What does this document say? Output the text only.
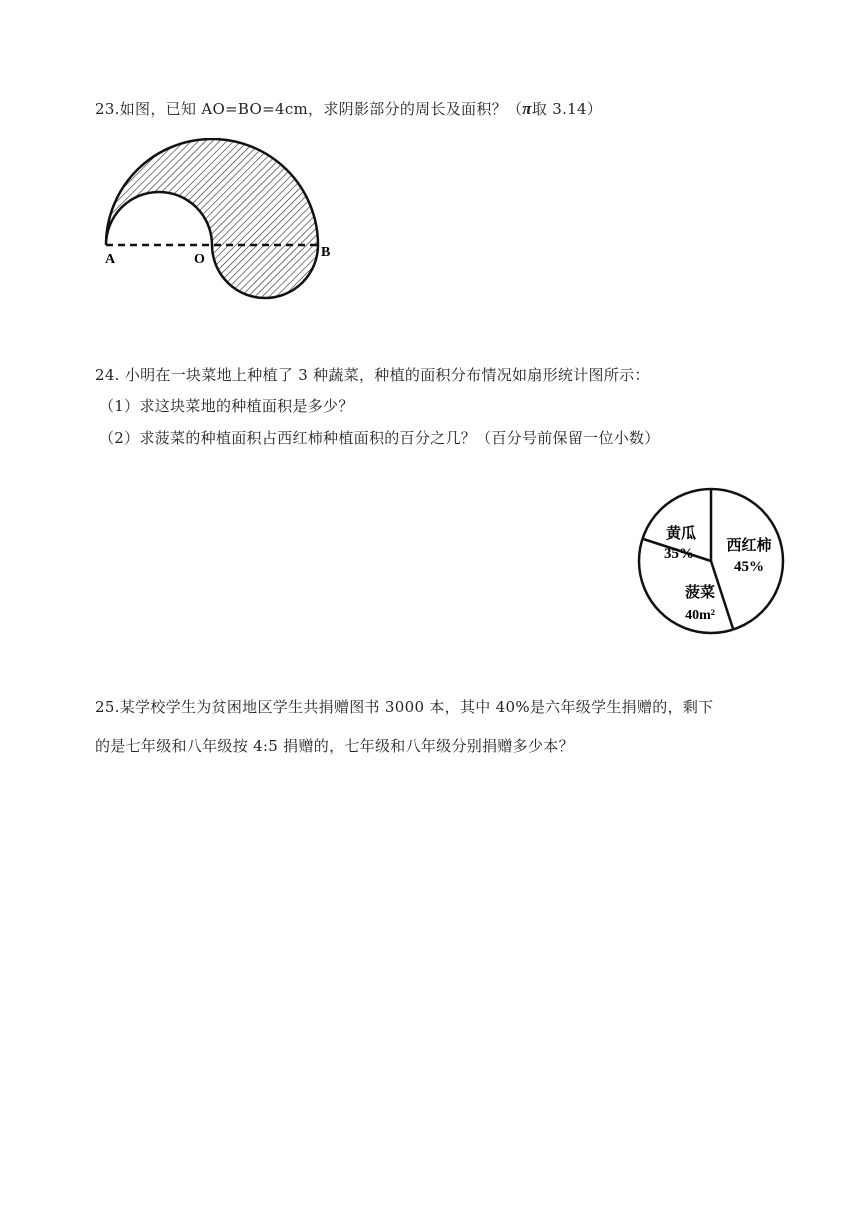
23.如图，已知 AO=BO=4cm，求阴影部分的周长及面积？（π取 3.14）
A	O	B
24. 小明在一块菜地上种植了 3 种蔬菜，种植的面积分布情况如扇形统计图所示：
（1）求这块菜地的种植面积是多少？
（2）求菠菜的种植面积占西红柿种植面积的百分之几？（百分号前保留一位小数）
黄瓜
35% 西红柿
45%
菠菜
40m²
25.某学校学生为贫困地区学生共捐赠图书 3000 本，其中 40%是六年级学生捐赠的，剩下
的是七年级和八年级按 4:5 捐赠的，七年级和八年级分别捐赠多少本？
